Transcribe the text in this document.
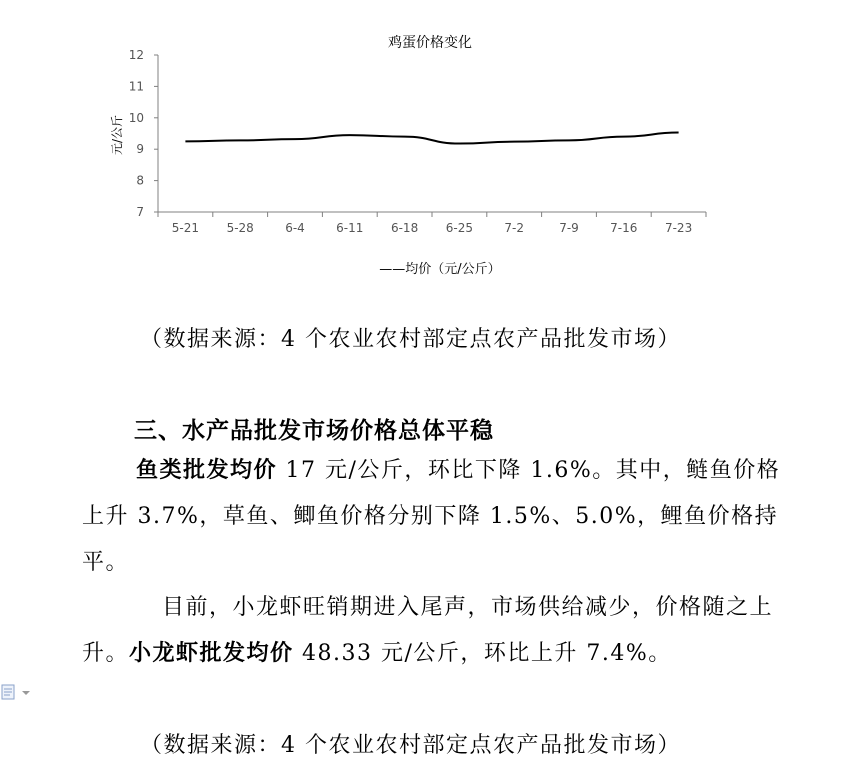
鸡蛋价格变化
元/公斤
7
8
9
10
11
12
5-21 5-28	6-4	6-11 6-18 6-25	7-2	7-9	7-16 7-23
——均价（元/公斤）
（数据来源：4 个农业农村部定点农产品批发市场）
三、水产品批发市场价格总体平稳

鱼类批发均价 17 元/公斤，环比下降 1.6%。其中，鲢鱼价格上升 3.7%，草鱼、鲫鱼价格分别下降 1.5%、5.0%，鲤鱼价格持平。

目前，小龙虾旺销期进入尾声，市场供给减少，价格随之上升。小龙虾批发均价 48.33 元/公斤，环比上升 7.4%。

（数据来源：4 个农业农村部定点农产品批发市场）
